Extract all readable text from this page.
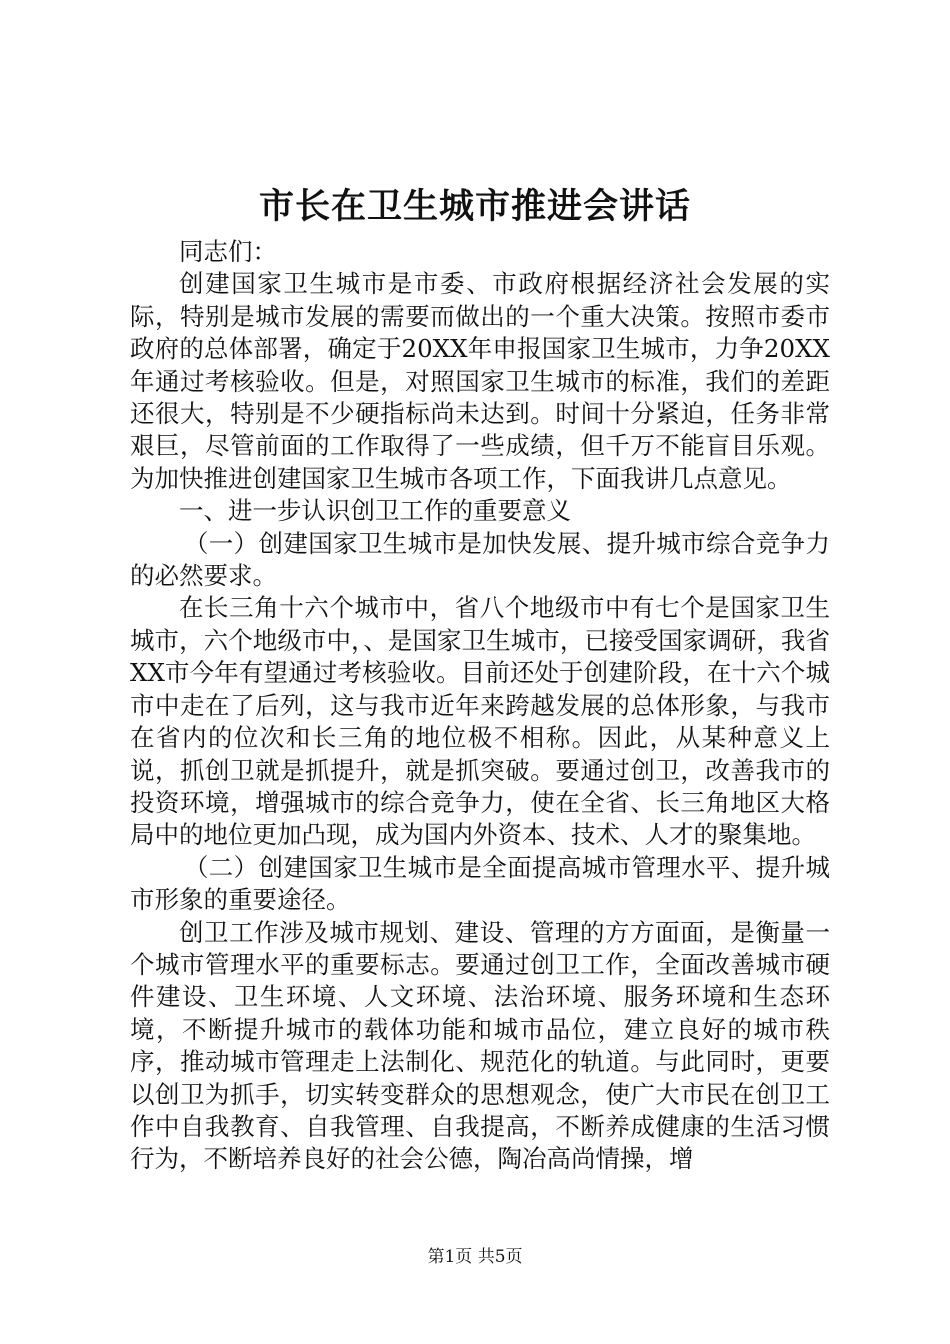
市长在卫生城市推进会讲话

同志们：

创建国家卫生城市是市委、市政府根据经济社会发展的实际，特别是城市发展的需要而做出的一个重大决策。按照市委市政府的总体部署，确定于20XX年申报国家卫生城市，力争20XX年通过考核验收。但是，对照国家卫生城市的标准，我们的差距还很大，特别是不少硬指标尚未达到。时间十分紧迫，任务非常艰巨，尽管前面的工作取得了一些成绩，但千万不能盲目乐观。为加快推进创建国家卫生城市各项工作，下面我讲几点意见。

一、进一步认识创卫工作的重要意义

（一）创建国家卫生城市是加快发展、提升城市综合竞争力的必然要求。

在长三角十六个城市中，省八个地级市中有七个是国家卫生城市，六个地级市中，、是国家卫生城市，已接受国家调研，我省XX市今年有望通过考核验收。目前还处于创建阶段，在十六个城市中走在了后列，这与我市近年来跨越发展的总体形象，与我市在省内的位次和长三角的地位极不相称。因此，从某种意义上说，抓创卫就是抓提升，就是抓突破。要通过创卫，改善我市的投资环境，增强城市的综合竞争力，使在全省、长三角地区大格局中的地位更加凸现，成为国内外资本、技术、人才的聚集地。

（二）创建国家卫生城市是全面提高城市管理水平、提升城市形象的重要途径。

创卫工作涉及城市规划、建设、管理的方方面面，是衡量一个城市管理水平的重要标志。要通过创卫工作，全面改善城市硬件建设、卫生环境、人文环境、法治环境、服务环境和生态环境，不断提升城市的载体功能和城市品位，建立良好的城市秩序，推动城市管理走上法制化、规范化的轨道。与此同时，更要以创卫为抓手，切实转变群众的思想观念，使广大市民在创卫工作中自我教育、自我管理、自我提高，不断养成健康的生活习惯行为，不断培养良好的社会公德，陶冶高尚情操，增

第1页 共5页
